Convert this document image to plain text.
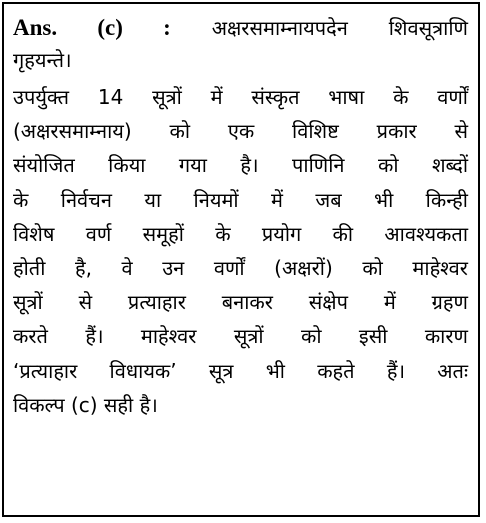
Ans. (c) : अक्षरसमाम्नायपदेन शिवसूत्राणि
गृहयन्ते।
उपर्युक्त 14 सूत्रों में संस्कृत भाषा के वर्णों
(अक्षरसमाम्नाय) को एक विशिष्ट प्रकार से
संयोजित किया गया है। पाणिनि को शब्दों
के निर्वचन या नियमों में जब भी किन्ही
विशेष वर्ण समूहों के प्रयोग की आवश्यकता
होती है, वे उन वर्णों (अक्षरों) को माहेश्वर
सूत्रों से प्रत्याहार बनाकर संक्षेप में ग्रहण
करते हैं। माहेश्वर सूत्रों को इसी कारण
‘प्रत्याहार विधायक’ सूत्र भी कहते हैं। अतः
विकल्प (c) सही है।
